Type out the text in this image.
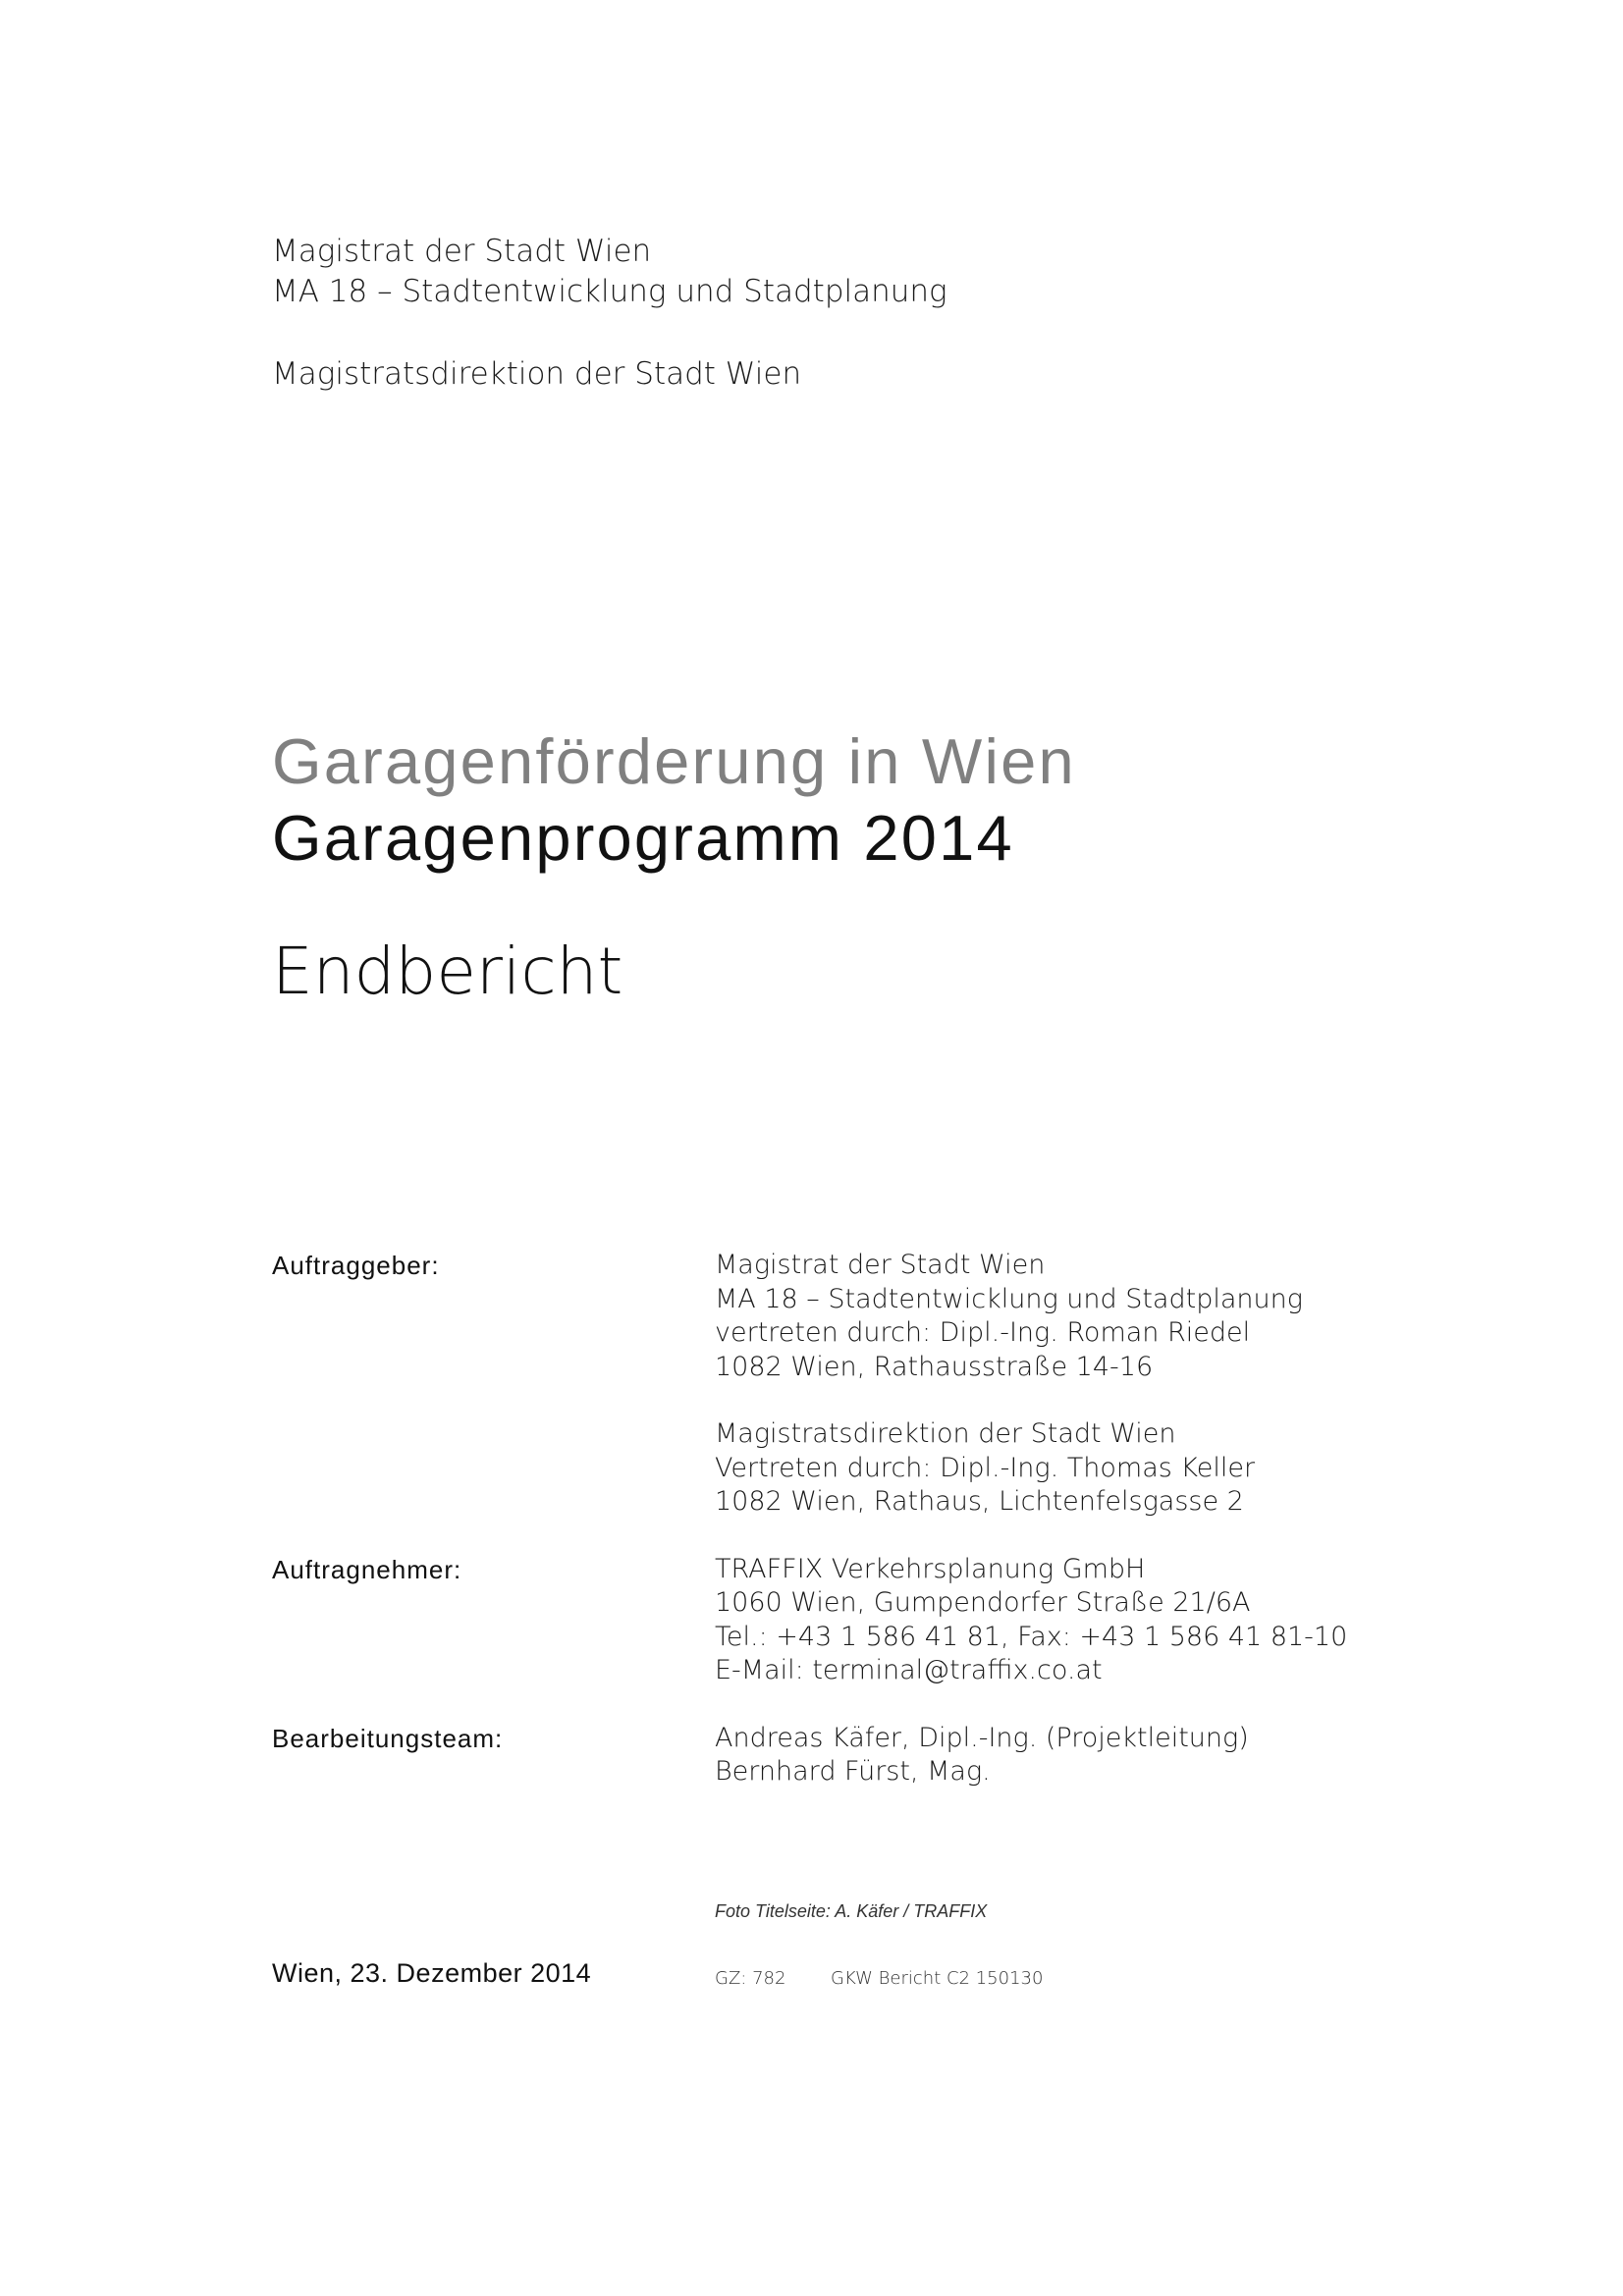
Magistrat der Stadt Wien
MA 18 – Stadtentwicklung und Stadtplanung
Magistratsdirektion der Stadt Wien
Garagenförderung in Wien
Garagenprogramm 2014
Endbericht
Auftraggeber:	Magistrat der Stadt Wien
MA 18 – Stadtentwicklung und Stadtplanung
vertreten durch: Dipl.-Ing. Roman Riedel
1082 Wien, Rathausstraße 14-16
Magistratsdirektion der Stadt Wien
Vertreten durch: Dipl.-Ing. Thomas Keller
1082 Wien, Rathaus, Lichtenfelsgasse 2
Auftragnehmer:	TRAFFIX Verkehrsplanung GmbH
1060 Wien, Gumpendorfer Straße 21/6A
Tel.: +43 1 586 41 81, Fax: +43 1 586 41 81-10
E-Mail: terminal@traffix.co.at
Bearbeitungsteam:	Andreas Käfer, Dipl.-Ing. (Projektleitung)
Bernhard Fürst, Mag.
Foto Titelseite: A. Käfer / TRAFFIX
Wien, 23. Dezember 2014	GZ: 782	GKW Bericht C2 150130
